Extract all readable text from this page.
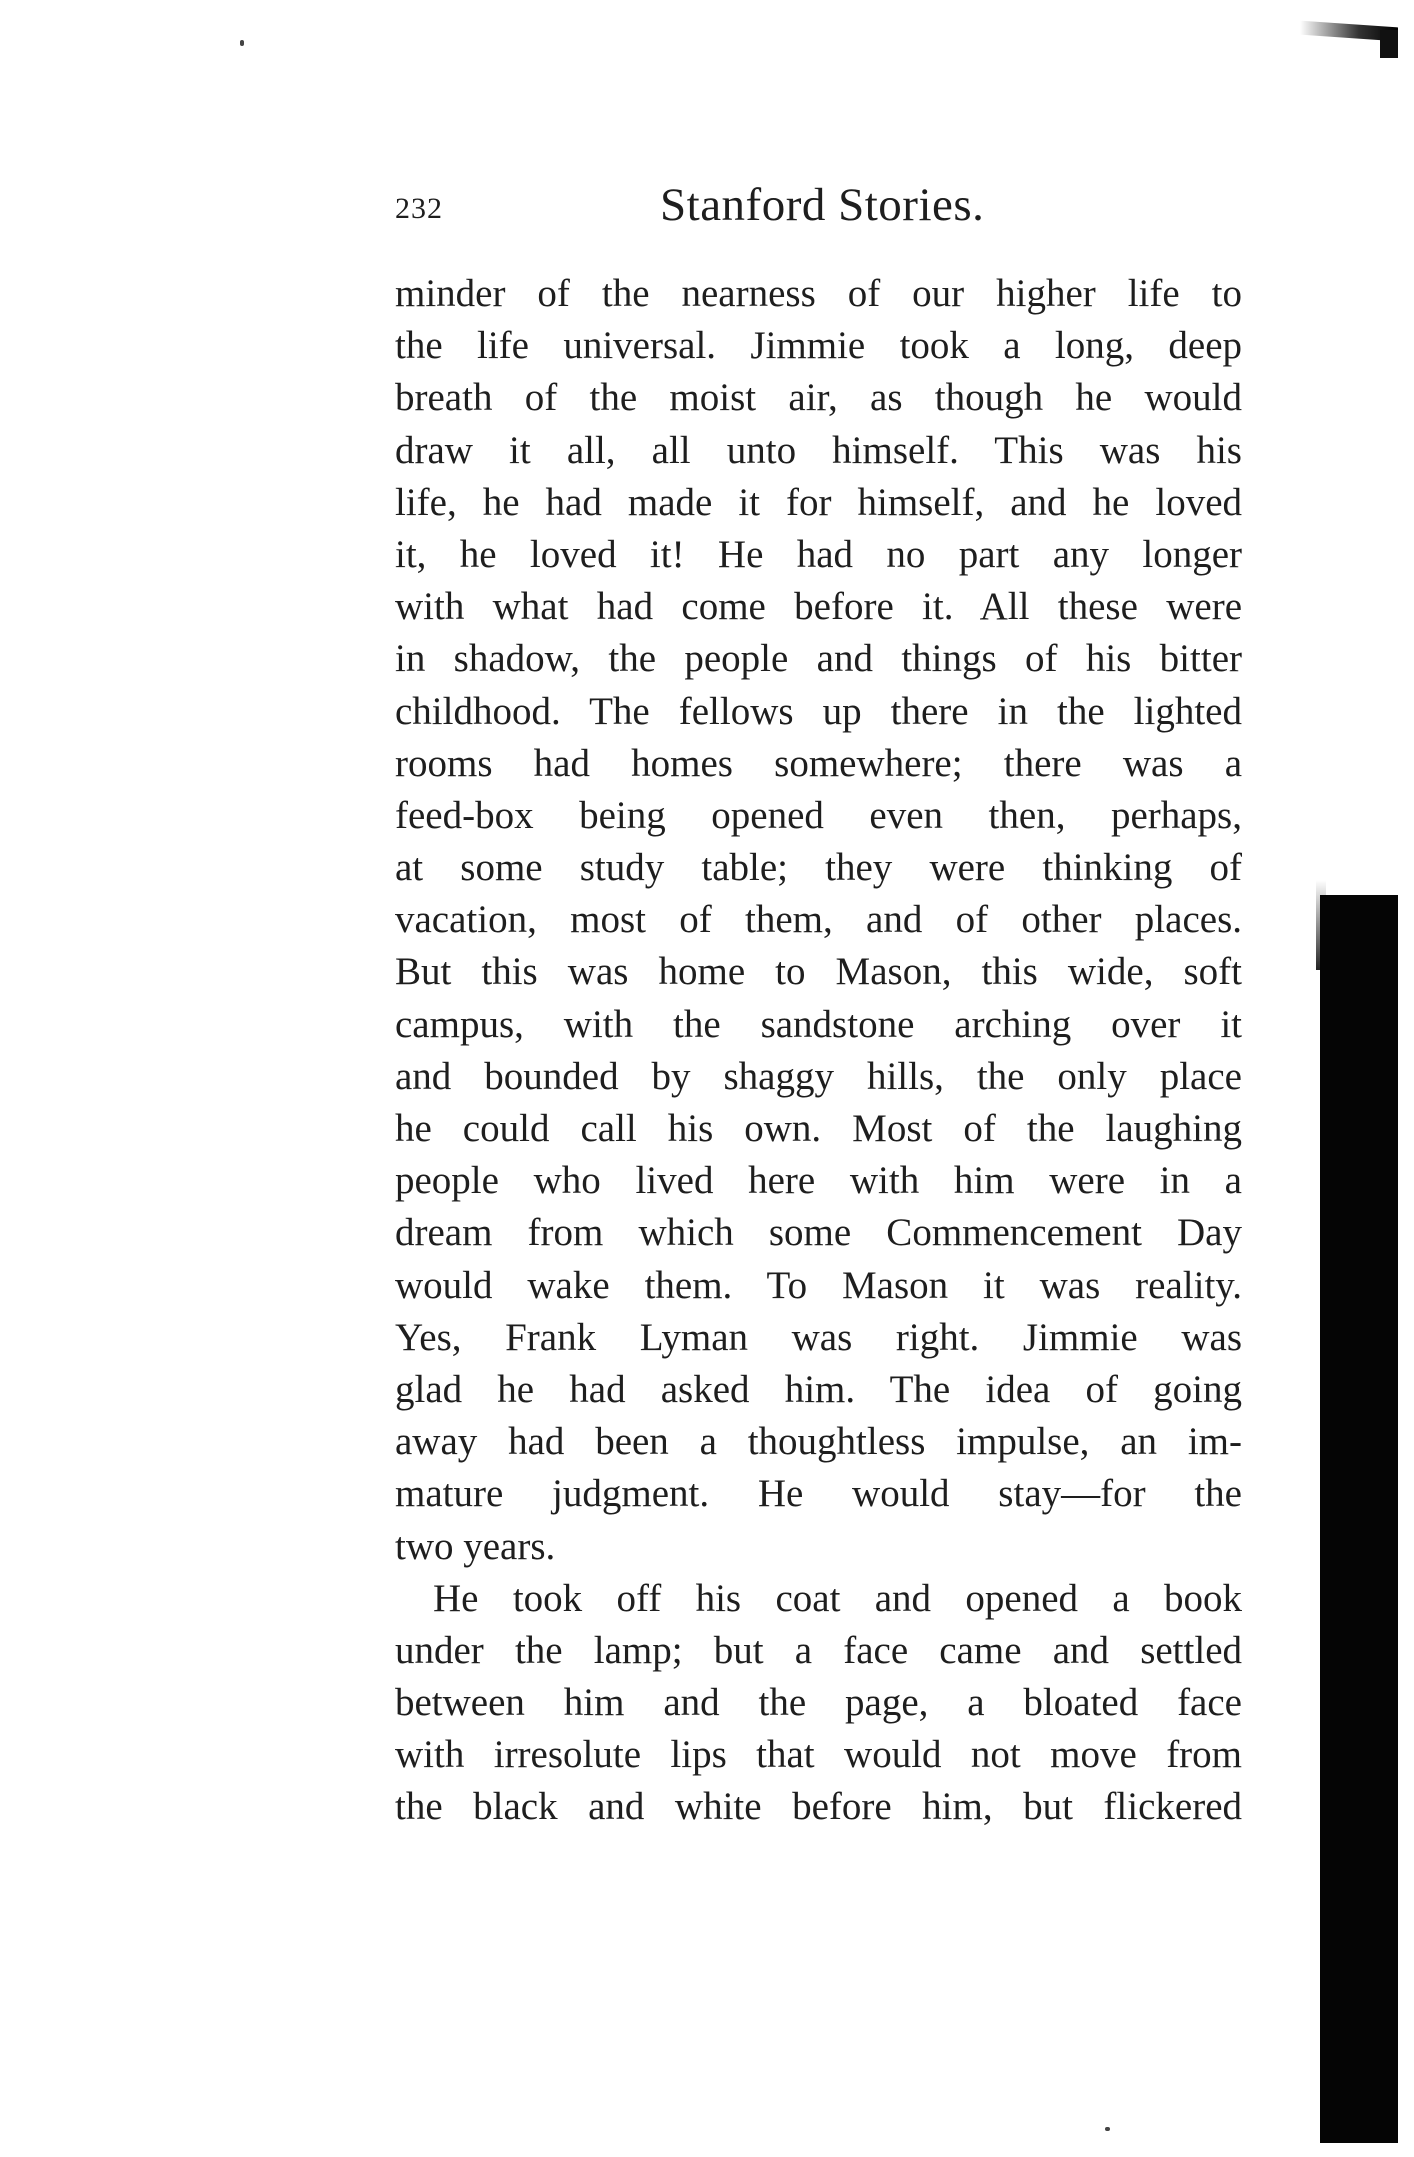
232	Stanford Stories.
minder of the nearness of our higher life to
the life universal. Jimmie took a long, deep
breath of the moist air, as though he would
draw it all, all unto himself. This was his
life, he had made it for himself, and he loved
it, he loved it! He had no part any longer
with what had come before it. All these were
in shadow, the people and things of his bitter
childhood. The fellows up there in the lighted
rooms had homes somewhere; there was a
feed-box being opened even then, perhaps,
at some study table; they were thinking of
vacation, most of them, and of other places.
But this was home to Mason, this wide, soft
campus, with the sandstone arching over it
and bounded by shaggy hills, the only place
he could call his own. Most of the laughing
people who lived here with him were in a
dream from which some Commencement Day
would wake them. To Mason it was reality.
Yes, Frank Lyman was right. Jimmie was
glad he had asked him. The idea of going
away had been a thoughtless impulse, an im-
mature judgment. He would stay—for the
two years.
He took off his coat and opened a book
under the lamp; but a face came and settled
between him and the page, a bloated face
with irresolute lips that would not move from
the black and white before him, but flickered
